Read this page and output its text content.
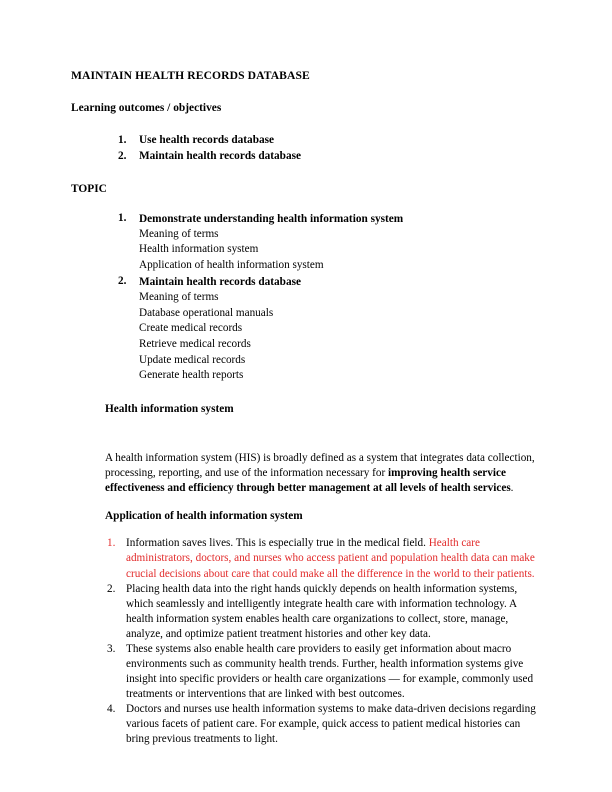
MAINTAIN HEALTH RECORDS DATABASE
Learning outcomes / objectives
Use health records database
Maintain health records database
TOPIC
Demonstrate understanding health information system
Meaning of terms
Health information system
Application of health information system
Maintain health records database
Meaning of terms
Database operational manuals
Create medical records
Retrieve medical records
Update medical records
Generate health reports
Health information system

A health information system (HIS) is broadly defined as a system that integrates data collection, processing, reporting, and use of the information necessary for improving health service effectiveness and efficiency through better management at all levels of health services.

Application of health information system
Information saves lives. This is especially true in the medical field. Health care administrators, doctors, and nurses who access patient and population health data can make crucial decisions about care that could make all the difference in the world to their patients.
Placing health data into the right hands quickly depends on health information systems, which seamlessly and intelligently integrate health care with information technology. A health information system enables health care organizations to collect, store, manage, analyze, and optimize patient treatment histories and other key data.
These systems also enable health care providers to easily get information about macro environments such as community health trends. Further, health information systems give insight into specific providers or health care organizations — for example, commonly used treatments or interventions that are linked with best outcomes.
Doctors and nurses use health information systems to make data-driven decisions regarding various facets of patient care. For example, quick access to patient medical histories can bring previous treatments to light.
